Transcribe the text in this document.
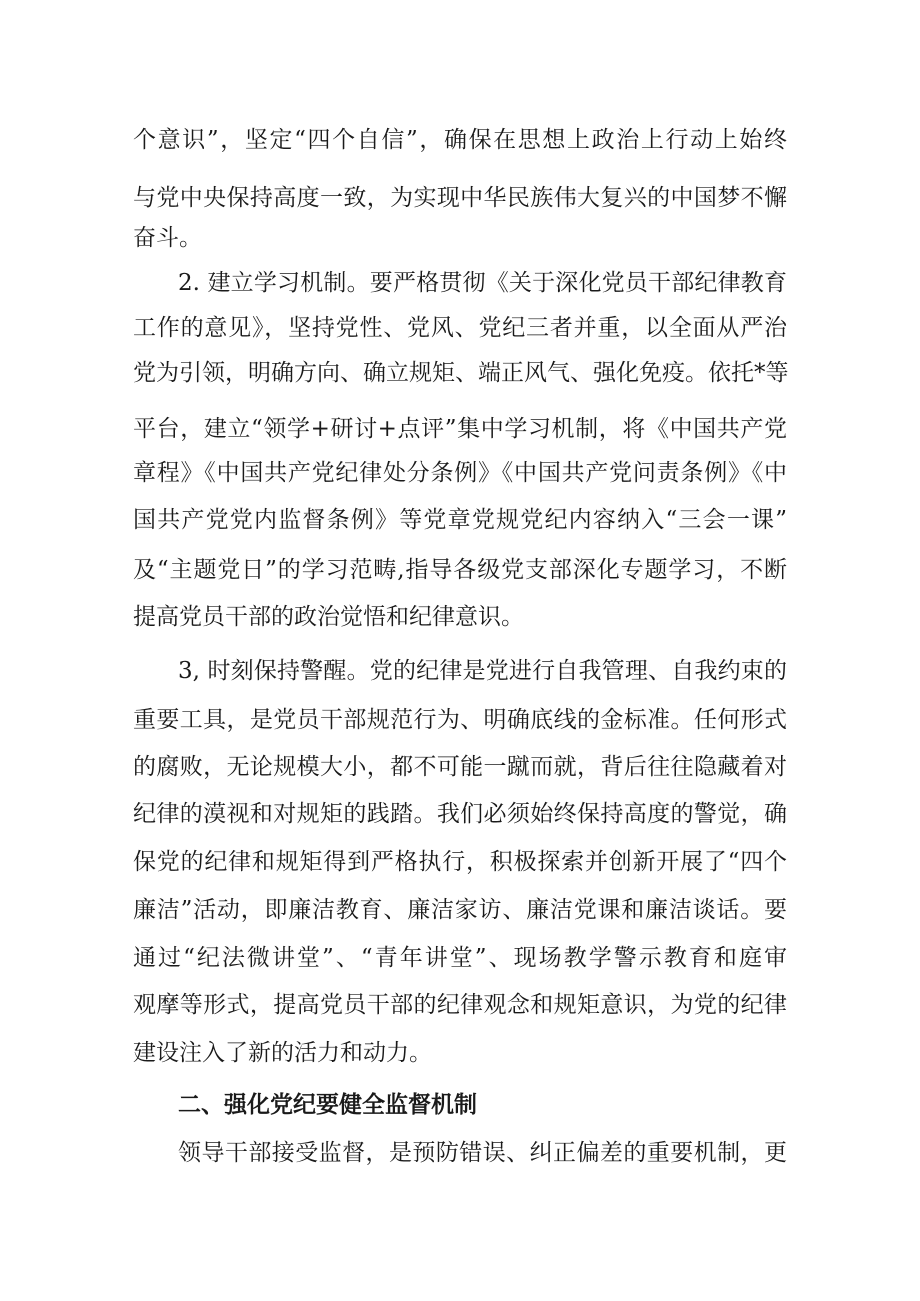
个意识”，坚定“四个自信”，确保在思想上政治上行动上始终
与党中央保持高度一致，为实现中华民族伟大复兴的中国梦不懈
奋斗。
2. 建立学习机制。要严格贯彻《关于深化党员干部纪律教育
工作的意见》，坚持党性、党风、党纪三者并重，以全面从严治
党为引领，明确方向、确立规矩、端正风气、强化免疫。依托*等
平台，建立“领学+研讨+点评”集中学习机制，将《中国共产党
章程》《中国共产党纪律处分条例》《中国共产党问责条例》《中
国共产党党内监督条例》等党章党规党纪内容纳入“三会一课”
及“主题党日”的学习范畴,指导各级党支部深化专题学习，不断
提高党员干部的政治觉悟和纪律意识。
3, 时刻保持警醒。党的纪律是党进行自我管理、自我约束的
重要工具，是党员干部规范行为、明确底线的金标准。任何形式
的腐败，无论规模大小，都不可能一蹴而就，背后往往隐藏着对
纪律的漠视和对规矩的践踏。我们必须始终保持高度的警觉，确
保党的纪律和规矩得到严格执行，积极探索并创新开展了“四个
廉洁”活动，即廉洁教育、廉洁家访、廉洁党课和廉洁谈话。要
通过“纪法微讲堂”、“青年讲堂”、现场教学警示教育和庭审
观摩等形式，提高党员干部的纪律观念和规矩意识，为党的纪律
建设注入了新的活力和动力。
二、强化党纪要健全监督机制
领导干部接受监督，是预防错误、纠正偏差的重要机制，更
